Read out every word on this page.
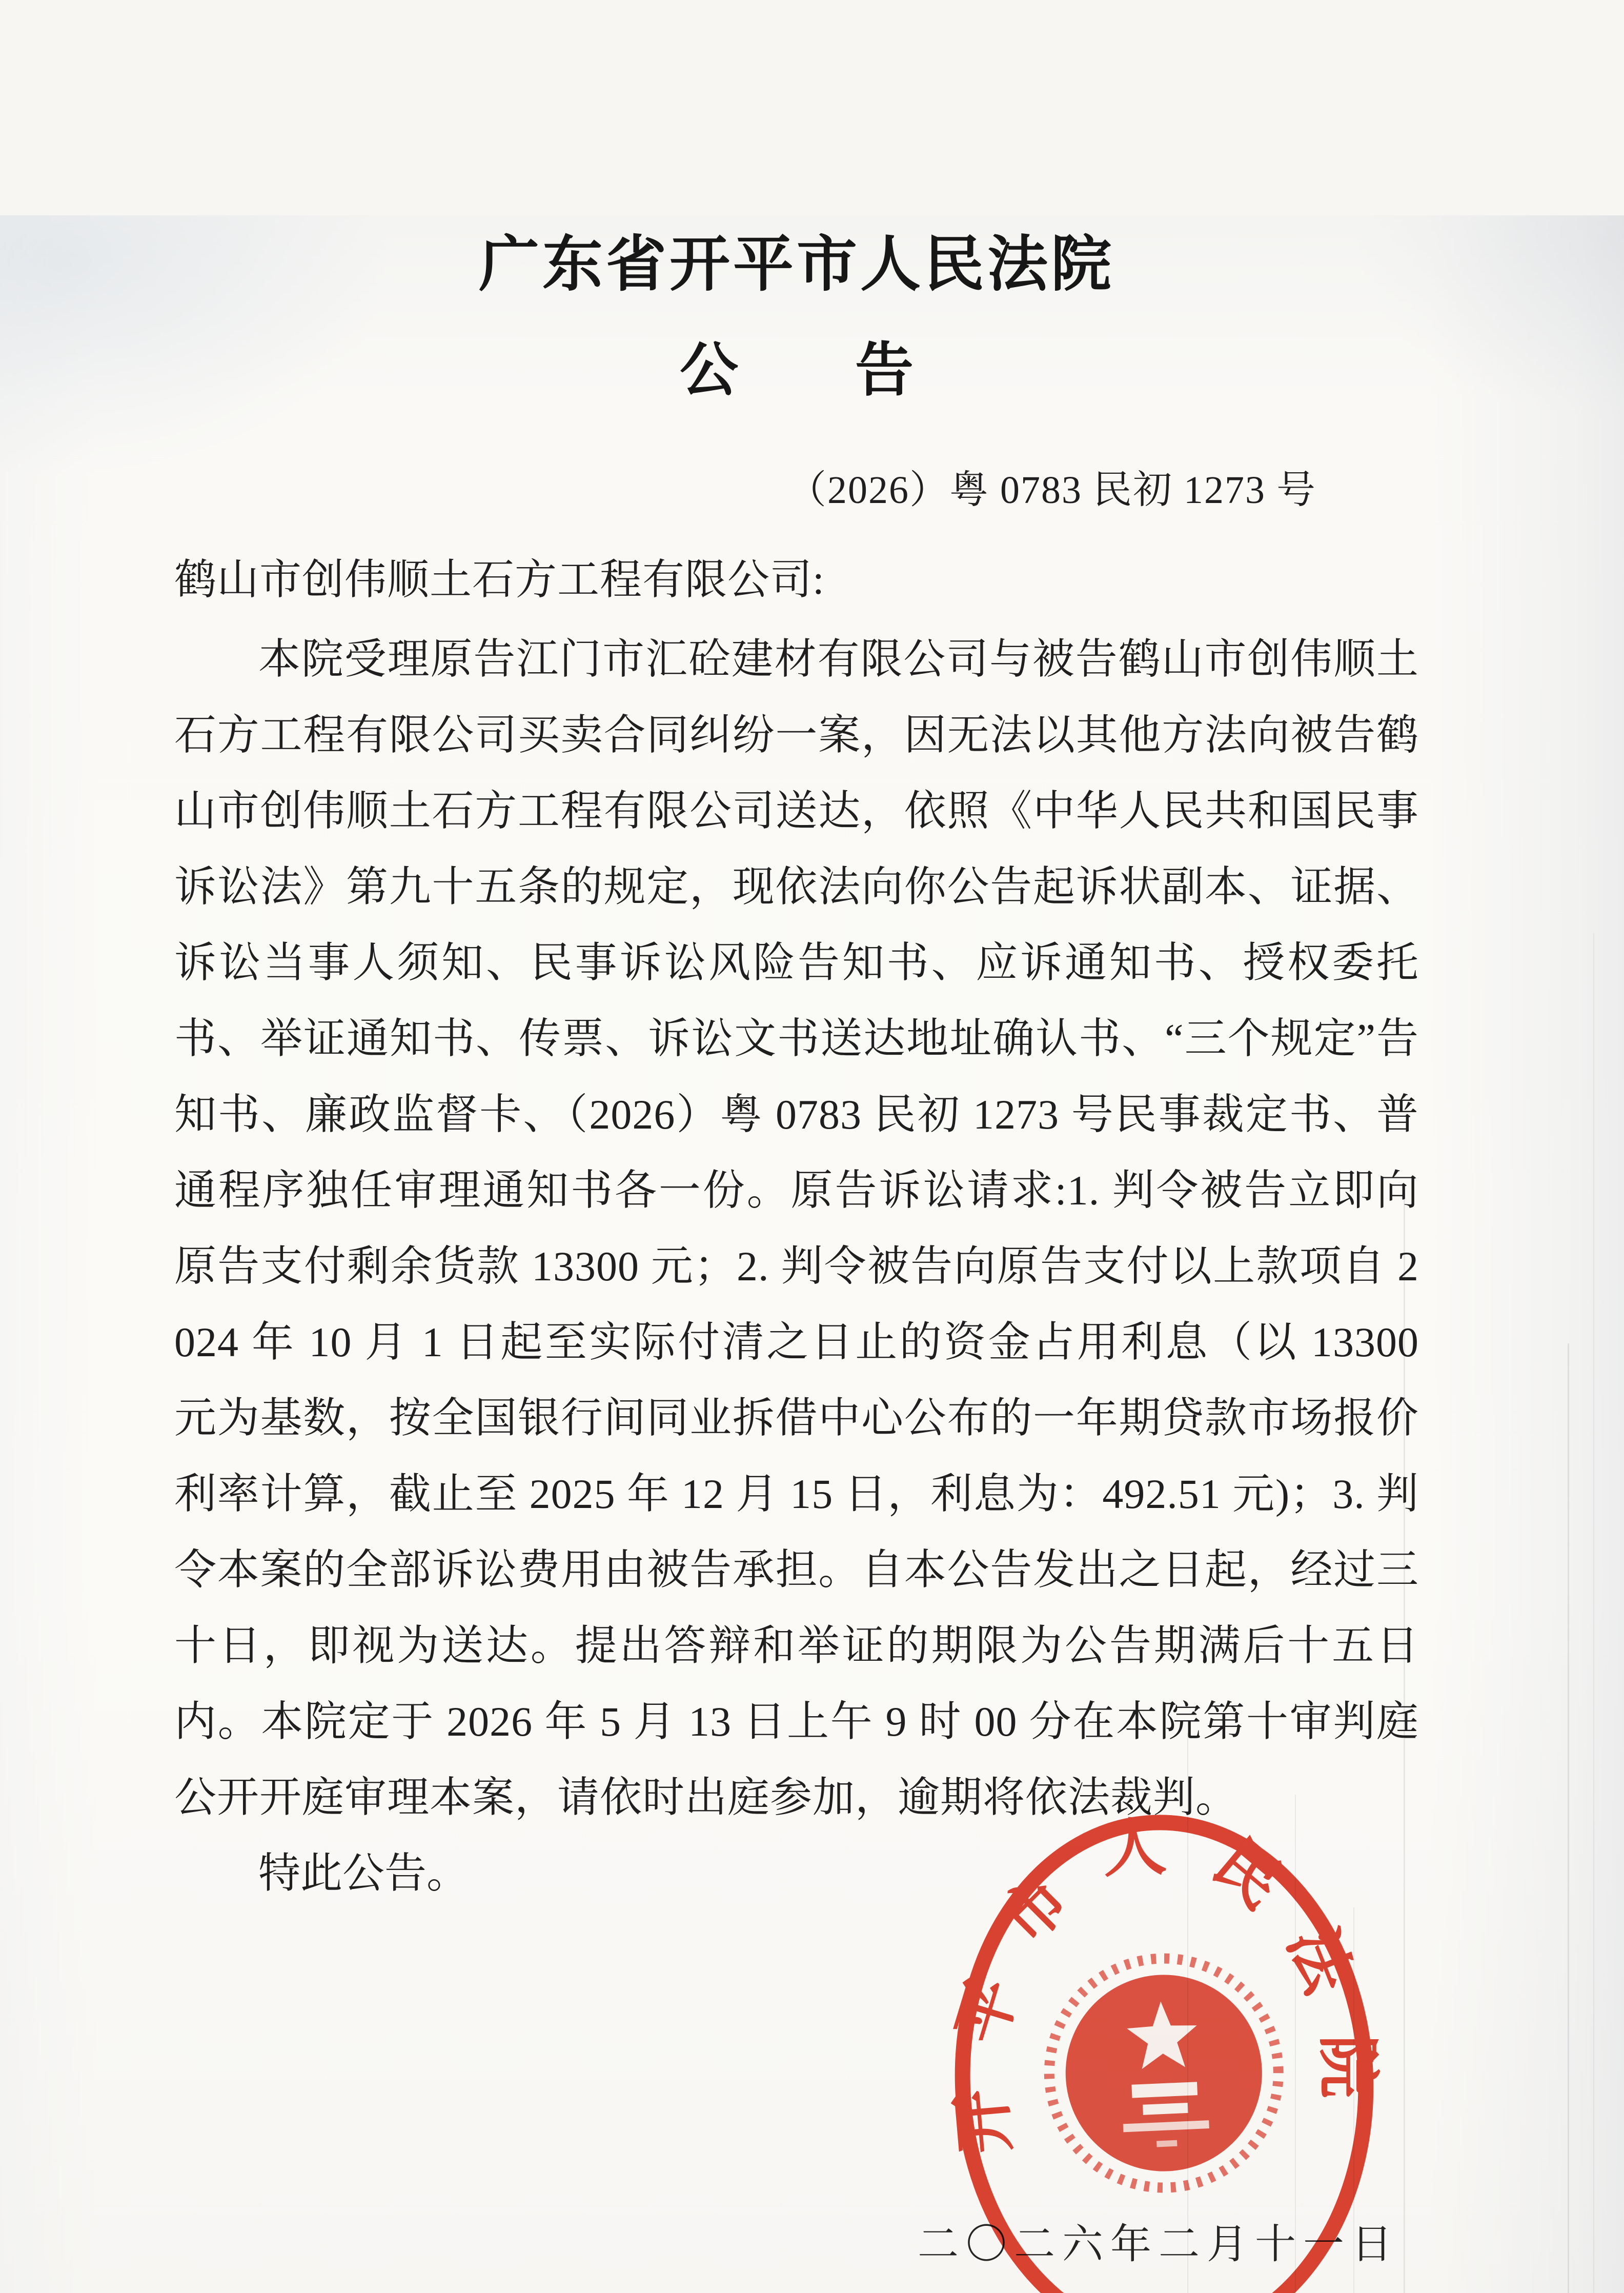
广东省开平市人民法院
公　　告
（2026）粤 0783 民初 1273 号
鹤山市创伟顺土石方工程有限公司:

本院受理原告江门市汇砼建材有限公司与被告鹤山市创伟顺土石方工程有限公司买卖合同纠纷一案，因无法以其他方法向被告鹤山市创伟顺土石方工程有限公司送达，依照《中华人民共和国民事诉讼法》第九十五条的规定，现依法向你公告起诉状副本、证据、诉讼当事人须知、民事诉讼风险告知书、应诉通知书、授权委托书、举证通知书、传票、诉讼文书送达地址确认书、“三个规定”告知书、廉政监督卡、（2026）粤 0783 民初 1273 号民事裁定书、普通程序独任审理通知书各一份。原告诉讼请求:1. 判令被告立即向原告支付剩余货款 13300 元；2. 判令被告向原告支付以上款项自 2024 年 10 月 1 日起至实际付清之日止的资金占用利息（以 13300 元为基数，按全国银行间同业拆借中心公布的一年期贷款市场报价利率计算，截止至 2025 年 12 月 15 日，利息为：492.51 元)；3. 判令本案的全部诉讼费用由被告承担。自本公告发出之日起，经过三十日，即视为送达。提出答辩和举证的期限为公告期满后十五日内。本院定于 2026 年 5 月 13 日上午 9 时 00 分在本院第十审判庭公开开庭审理本案，请依时出庭参加，逾期将依法裁判。

特此公告。

二〇二六年二月十一日
开平市人民法院
